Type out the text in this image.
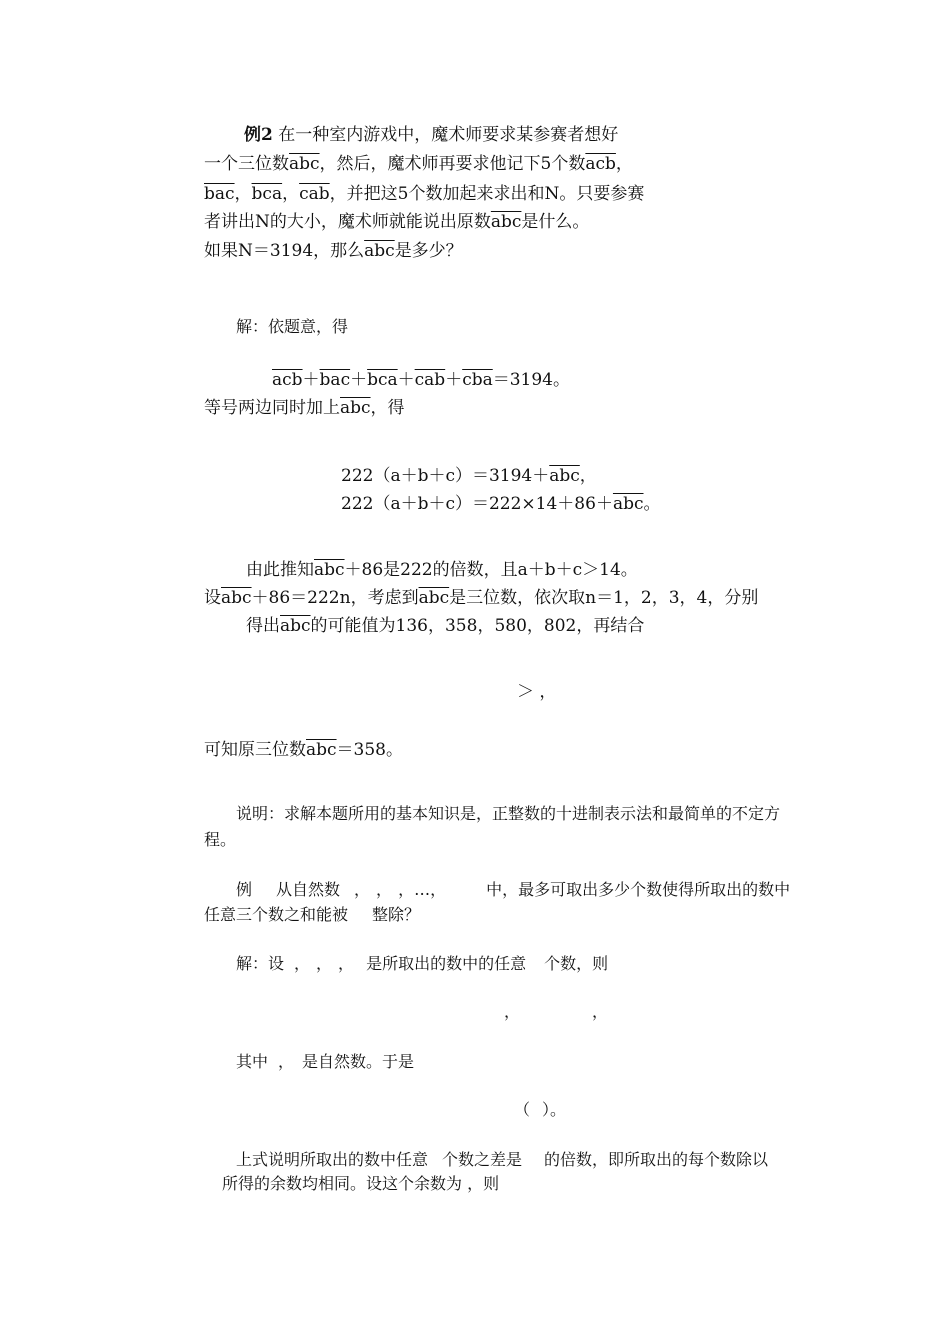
例2 在一种室内游戏中，魔术师要求某参赛者想好
一个三位数$\overline{abc}$，然后，魔术师再要求他记下5个数$\overline{acb}$，
$\overline{bac}$，$\overline{bca}$，$\overline{cab}$，并把这5个数加起来求出和N。只要参赛
者讲出N的大小，魔术师就能说出原数$\overline{abc}$是什么。
如果N＝3194，那么$\overline{abc}$是多少？
解：依题意，得
$\overline{acb}+\overline{bac}+\overline{bca}+\overline{cab}+\overline{cba}=3194$。
等号两边同时加上$\overline{abc}$，得
$222(a+b+c)=3194+\overline{abc}$，
$222(a+b+c)=222\times 14+86+\overline{abc}$。
由此推知$\overline{abc}+86$是222的倍数，且a＋b＋c＞14。
设$\overline{abc}+86=222n$，考虑到$\overline{abc}$是三位数，依次取n＝1，2，3，4，分别
得出$\overline{abc}$的可能值为136，358，580，802，再结合
＞ ，
可知原三位数$\overline{abc}=358$。
说明：求解本题所用的基本知识是，正整数的十进制表示法和最简单的不定方
程。
例 从自然数 ， ， ，…，	中，最多可取出多少个数使得所取出的数中
任意三个数之和能被 整除？
解：设 ， ， ， 是所取出的数中的任意 个数，则
，	，
其中 ， 是自然数。于是
（ ）。
上式说明所取出的数中任意 个数之差是 的倍数，即所取出的每个数除以
所得的余数均相同。设这个余数为 ，则
